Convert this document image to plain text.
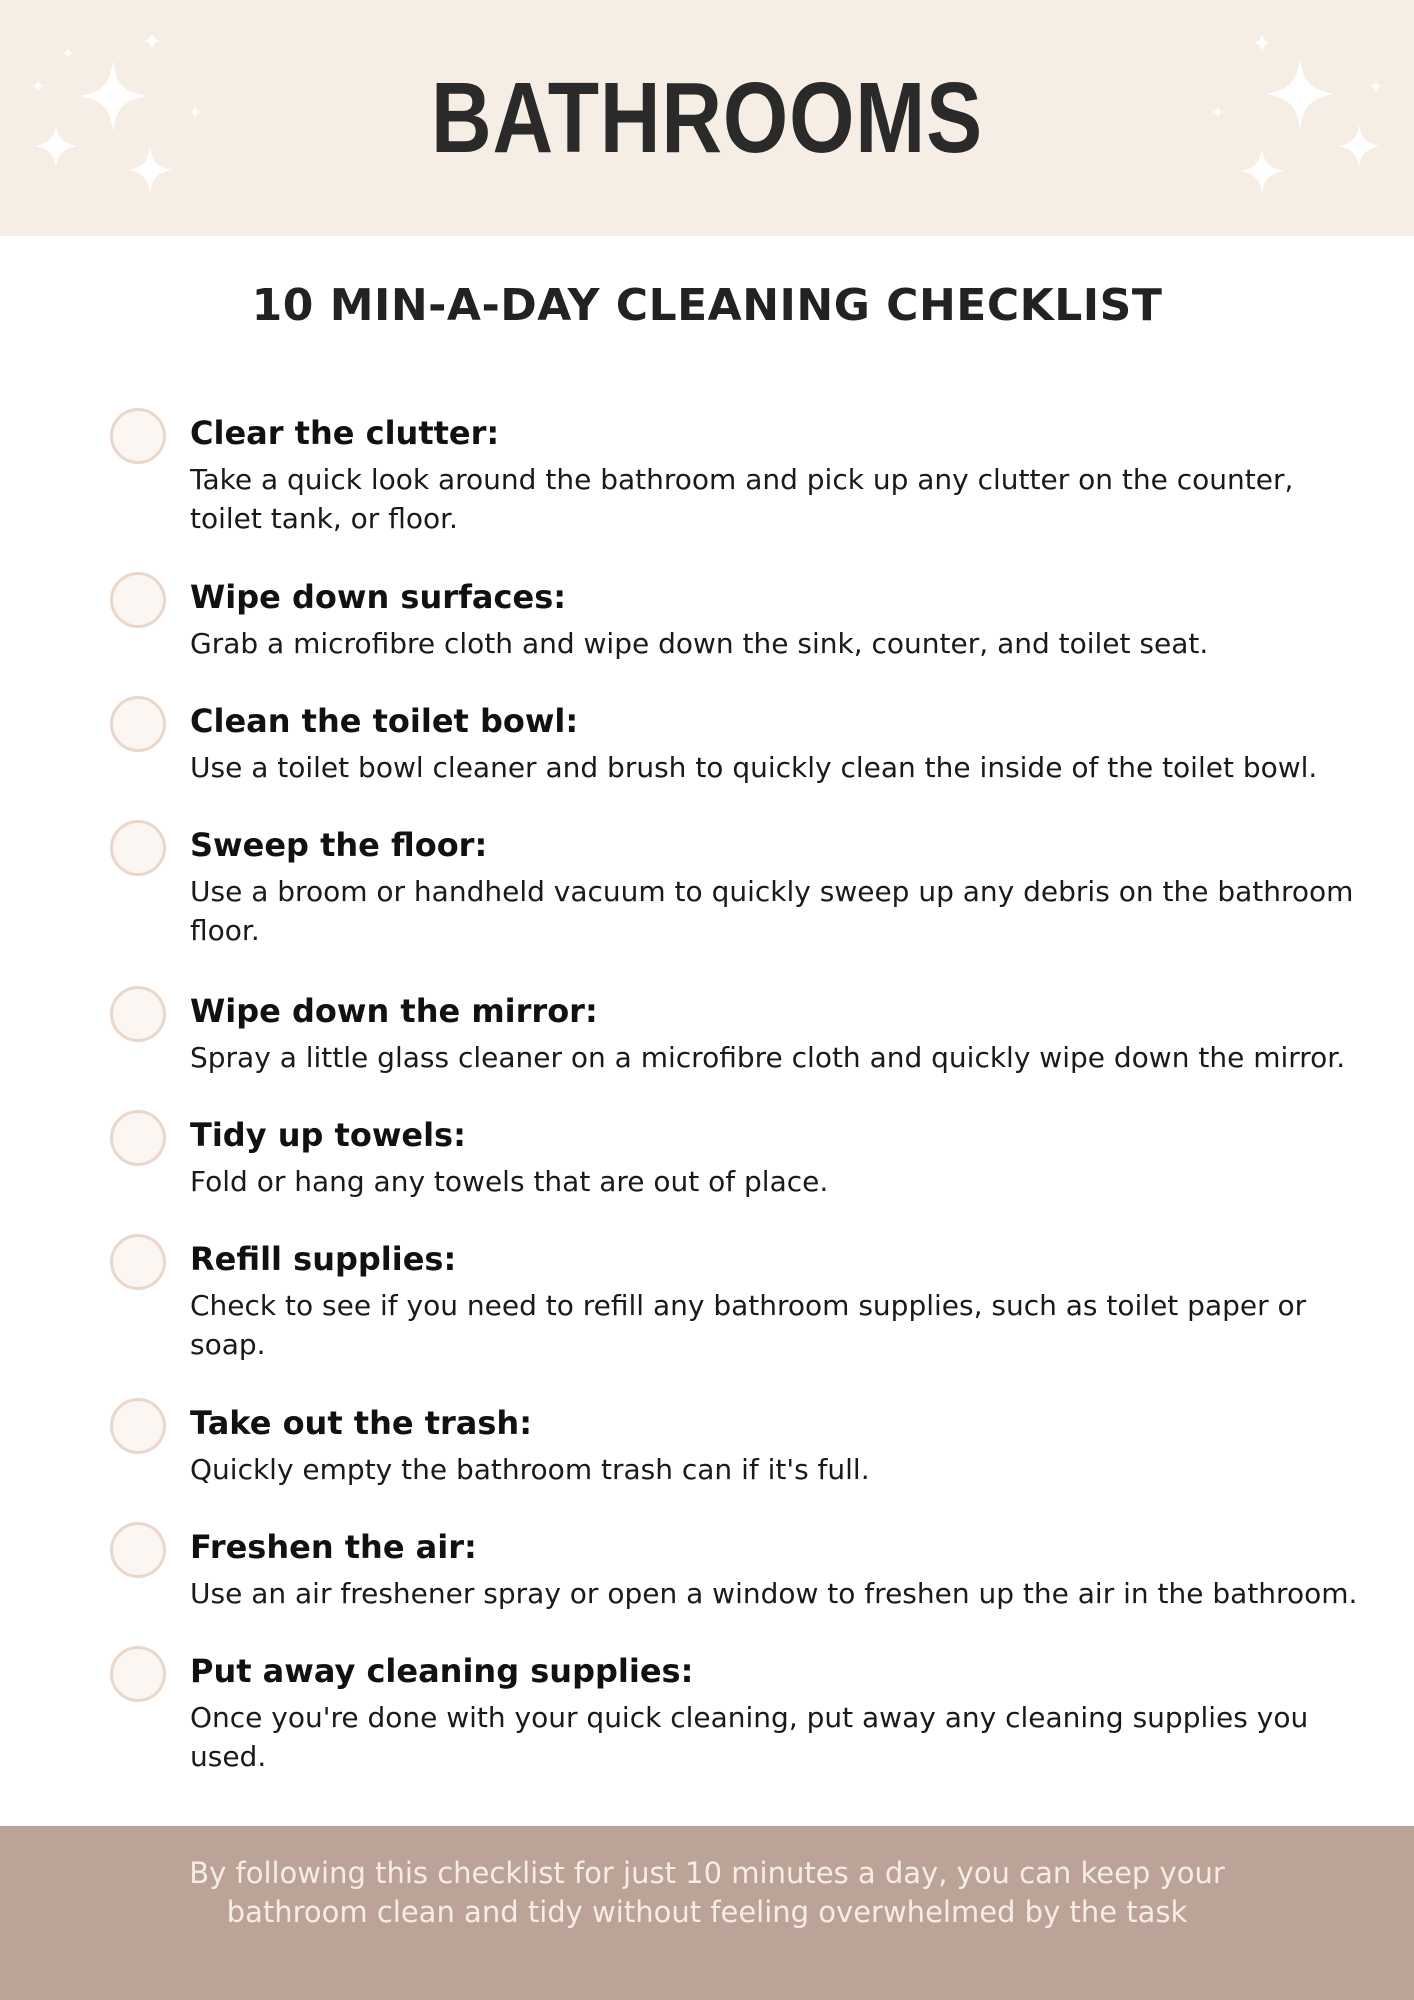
BATHROOMS
10 MIN-A-DAY CLEANING CHECKLIST
Clear the clutter:
Take a quick look around the bathroom and pick up any clutter on the counter, toilet tank, or floor.
Wipe down surfaces:
Grab a microfibre cloth and wipe down the sink, counter, and toilet seat.
Clean the toilet bowl:
Use a toilet bowl cleaner and brush to quickly clean the inside of the toilet bowl.
Sweep the floor:
Use a broom or handheld vacuum to quickly sweep up any debris on the bathroom floor.
Wipe down the mirror:
Spray a little glass cleaner on a microfibre cloth and quickly wipe down the mirror.
Tidy up towels:
Fold or hang any towels that are out of place.
Refill supplies:
Check to see if you need to refill any bathroom supplies, such as toilet paper or soap.
Take out the trash:
Quickly empty the bathroom trash can if it's full.
Freshen the air:
Use an air freshener spray or open a window to freshen up the air in the bathroom.
Put away cleaning supplies:
Once you're done with your quick cleaning, put away any cleaning supplies you used.
By following this checklist for just 10 minutes a day, you can keep your bathroom clean and tidy without feeling overwhelmed by the task
